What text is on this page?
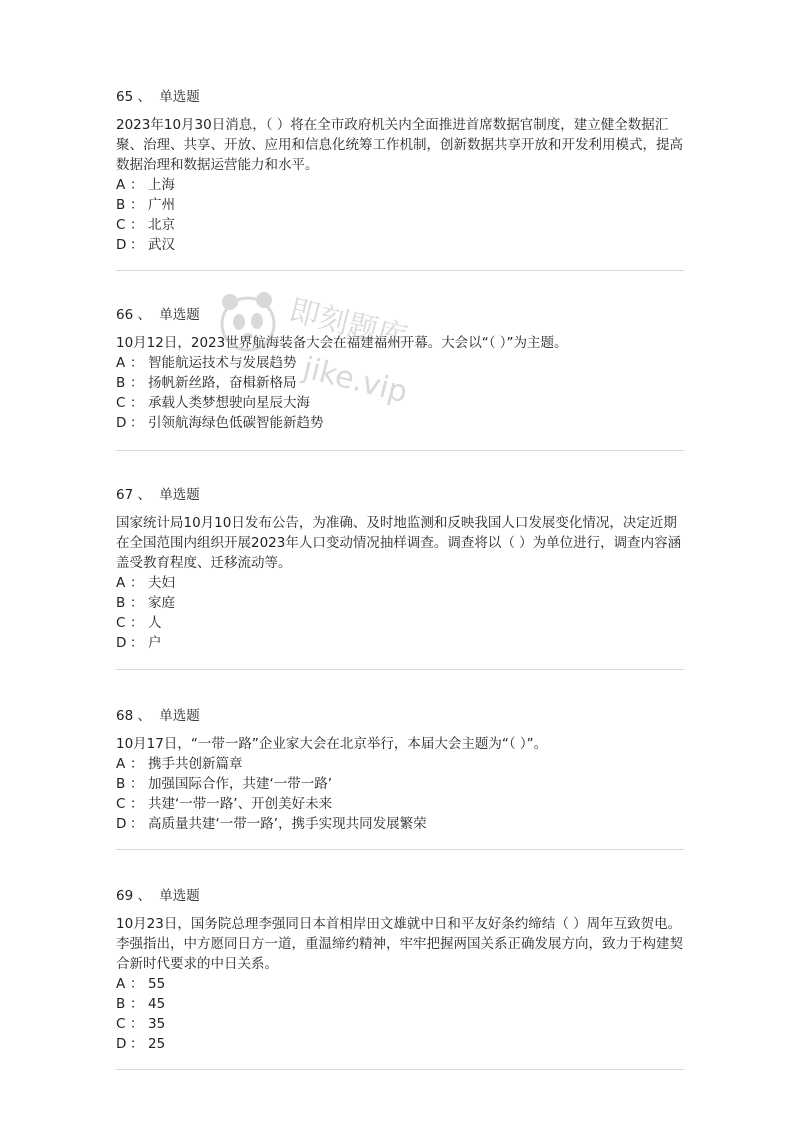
65 、 单选题
2023年10月30日消息，（ ）将在全市政府机关内全面推进首席数据官制度，建立健全数据汇聚、治理、共享、开放、应用和信息化统筹工作机制，创新数据共享开放和开发利用模式，提高数据治理和数据运营能力和水平。
A ： 上海
B ： 广州
C ： 北京
D ： 武汉
66 、 单选题
10月12日，2023世界航海装备大会在福建福州开幕。大会以“（ ）”为主题。
A ： 智能航运技术与发展趋势
B ： 扬帆新丝路，奋楫新格局
C ： 承载人类梦想驶向星辰大海
D ： 引领航海绿色低碳智能新趋势
67 、 单选题
国家统计局10月10日发布公告，为准确、及时地监测和反映我国人口发展变化情况，决定近期在全国范围内组织开展2023年人口变动情况抽样调查。调查将以（ ）为单位进行，调查内容涵盖受教育程度、迁移流动等。
A ： 夫妇
B ： 家庭
C ： 人
D ： 户
68 、 单选题
10月17日，“一带一路”企业家大会在北京举行，本届大会主题为“（ ）”。
A ： 携手共创新篇章
B ： 加强国际合作，共建‘一带一路’
C ： 共建‘一带一路’、开创美好未来
D ： 高质量共建‘一带一路’，携手实现共同发展繁荣
69 、 单选题
10月23日，国务院总理李强同日本首相岸田文雄就中日和平友好条约缔结（ ）周年互致贺电。李强指出，中方愿同日方一道，重温缔约精神，牢牢把握两国关系正确发展方向，致力于构建契合新时代要求的中日关系。
A ： 55
B ： 45
C ： 35
D ： 25
即刻题库
jike.vip
